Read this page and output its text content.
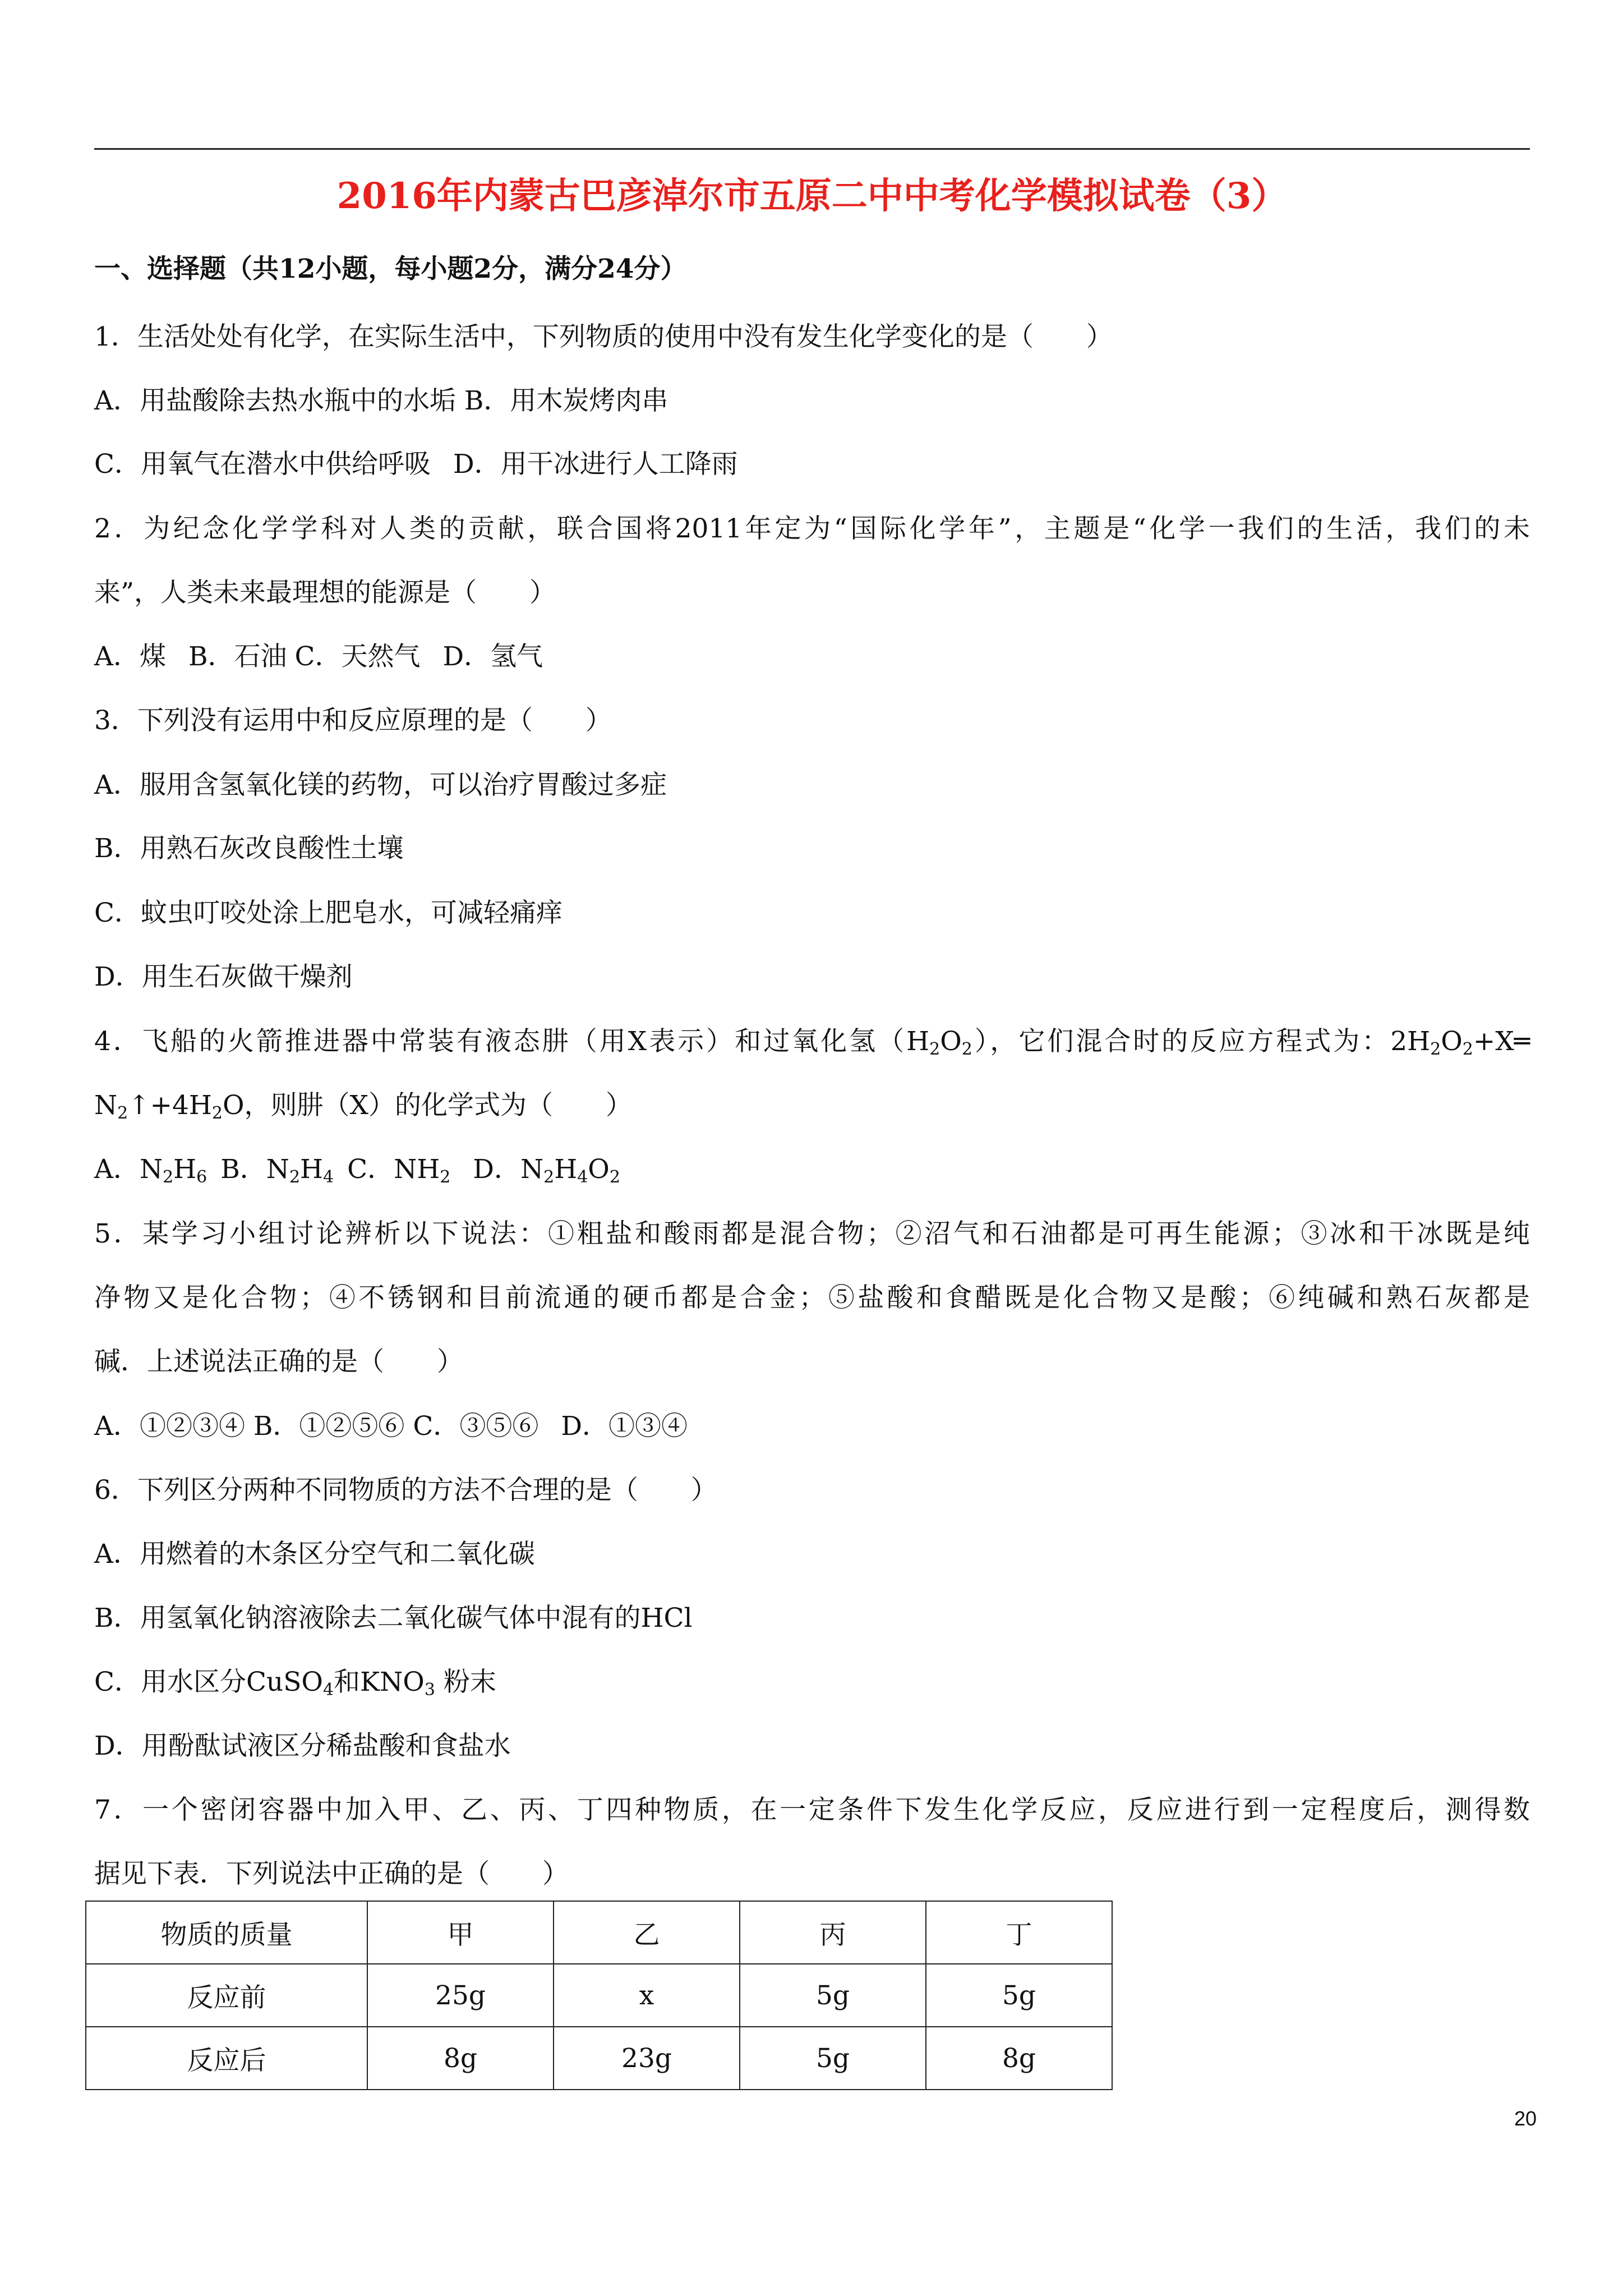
2016年内蒙古巴彦淖尔市五原二中中考化学模拟试卷（3）
一、选择题（共12小题，每小题2分，满分24分）
1．生活处处有化学，在实际生活中，下列物质的使用中没有发生化学变化的是（　　）
A．用盐酸除去热水瓶中的水垢 B．用木炭烤肉串
C．用氧气在潜水中供给呼吸 D．用干冰进行人工降雨
2．为纪念化学学科对人类的贡献，联合国将2011年定为“国际化学年”，主题是“化学一我们的生活，我们的未
来”，人类未来最理想的能源是（　　）
A．煤 B．石油 C．天然气 D．氢气
3．下列没有运用中和反应原理的是（　　）
A．服用含氢氧化镁的药物，可以治疗胃酸过多症
B．用熟石灰改良酸性土壤
C．蚊虫叮咬处涂上肥皂水，可减轻痛痒
D．用生石灰做干燥剂
4．飞船的火箭推进器中常装有液态肼（用X表示）和过氧化氢$(H_2O_2)$，它们混合时的反应方程式为：$2H_2O_2+X═$
$N_2↑+4H_2O$，则肼（X）的化学式为（　　）
A．$N_2H_6$ B．$N_2H_4$ C．$NH_2$ D．$N_2H_4O_2$
5．某学习小组讨论辨析以下说法：①粗盐和酸雨都是混合物；②沼气和石油都是可再生能源；③冰和干冰既是纯
净物又是化合物；④不锈钢和目前流通的硬币都是合金；⑤盐酸和食醋既是化合物又是酸；⑥纯碱和熟石灰都是
碱．上述说法正确的是（　　）
A．①②③④ B．①②⑤⑥ C．③⑤⑥ D．①③④
6．下列区分两种不同物质的方法不合理的是（　　）
A．用燃着的木条区分空气和二氧化碳
B．用氢氧化钠溶液除去二氧化碳气体中混有的HCl
C．用水区分CuSO$_4$和$KNO_3$ 粉末
D．用酚酞试液区分稀盐酸和食盐水
7．一个密闭容器中加入甲、乙、丙、丁四种物质，在一定条件下发生化学反应，反应进行到一定程度后，测得数
据见下表．下列说法中正确的是（　　）
物质的质量	甲	乙	丙	丁
反应前	25g	x	5g	5g
反应后	8g	23g	5g	8g
20
